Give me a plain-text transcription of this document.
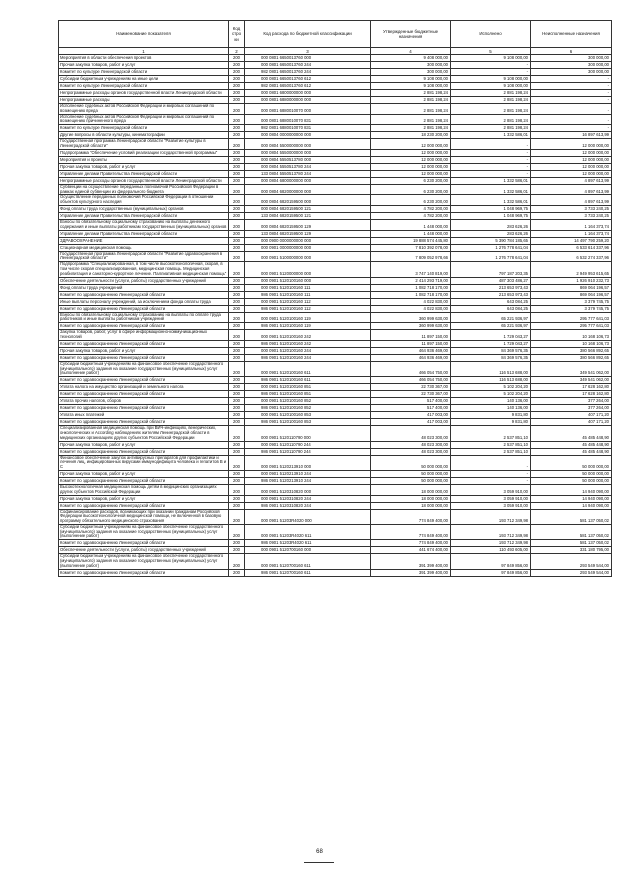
Наименование показателя	Код стро ки	Код расхода по бюджетной классификации	Утвержденные бюджетные назначения	Исполнено	Неисполненные назначения
1	2	3	4	5	6
Мероприятия в области обеспечения проектов	200	000 0801 6650013760 000	9 408 000,00	9 108 000,00	300 000,00
Прочая закупка товаров, работ и услуг	200	000 0801 6650013760 244	300 000,00	-	300 000,00
Комитет по культуре Ленинградской области	200	982 0801 6650013760 244	300 000,00	-	300 000,00
Субсидии бюджетным учреждениям на иные цели	200	000 0801 6650013760 612	9 108 000,00	9 108 000,00	-
Комитет по культуре Ленинградской области	200	982 0801 6650013760 612	9 108 000,00	9 108 000,00	-
Непрограммные расходы органов государственной власти Ленинградской области	200	000 0801 6800000000 000	2 881 198,24	2 881 198,24	-
Непрограммные расходы	200	000 0801 6880000000 000	2 881 198,24	2 881 198,24	-
Исполнение судебных актов Российской Федерации и мировых соглашений по возмещению вреда	200	000 0801 6880010070 000	2 881 198,24	2 881 198,24	-
Исполнение судебных актов Российской Федерации и мировых соглашений по возмещению причиненного вреда	200	000 0801 6880010070 831	2 881 198,24	2 881 198,24	-
Комитет по культуре Ленинградской области	200	982 0801 6880010070 831	2 881 198,24	2 881 198,24	-
Другие вопросы в области культуры, кинематографии	200	000 0804 0000000000 000	18 230 200,00	1 332 586,01	16 897 613,99
Государственная программа Ленинградской области "Развитие культуры в Ленинградской области"	200	000 0804 5500000000 000	12 000 000,00	-	12 000 000,00
Подпрограмма "Обеспечение условий реализации государственной программы"	200	000 0804 5550000000 000	12 000 000,00	-	12 000 000,00
Мероприятия и проекты	200	000 0804 5550513780 000	12 000 000,00	-	12 000 000,00
Прочая закупка товаров, работ и услуг	200	000 0804 5550513780 244	12 000 000,00	-	12 000 000,00
Управление делами Правительства Ленинградской области	200	133 0804 5550513780 244	12 000 000,00	-	12 000 000,00
Непрограммные расходы органов государственной власти Ленинградской области	200	000 0804 6800000000 000	6 230 200,00	1 332 586,01	4 897 613,99
Субвенции на осуществление переданных полномочий Российской Федерации в рамках единой субвенции из федерального бюджета	200	000 0804 6820000000 000	6 230 200,00	1 332 586,01	4 897 613,99
Осуществление переданных полномочий Российской Федерации в отношении объектов культурного наследия	200	000 0804 6820159500 000	6 230 200,00	1 332 586,01	4 897 613,99
Фонд оплаты труда государственных (муниципальных) органов	200	000 0804 6820159500 121	4 782 200,00	1 048 969,75	3 733 240,25
Управление делами Правительства Ленинградской области	200	133 0804 6820159500 121	4 782 200,00	1 048 969,75	3 733 240,25
Взносы по обязательному социальному страхованию на выплаты денежного содержания и иные выплаты работникам государственных (муниципальных) органов	200	000 0804 6820159500 129	1 448 000,00	283 626,26	1 164 373,74
Управление делами Правительства Ленинградской области	200	133 0804 6820159500 129	1 448 000,00	283 626,26	1 164 373,74
ЗДРАВООХРАНЕНИЕ	200	000 0900 0000000000 000	19 888 574 445,80	5 390 784 185,65	14 497 790 259,20
Стационарная медицинская помощь	200	000 0901 0000000000 000	7 810 392 078,00	1 276 778 641,04	6 533 614 337,96
Государственная программа Ленинградской области "Развитие здравоохранения в Ленинградской области"	200	000 0901 5100000000 000	7 809 052 978,66	1 276 778 641,04	6 532 274 337,96
Подпрограмма "Специализированная, в том числе высокотехнологичная, скорая, в том числе скорая специализированная, медицинская помощь. Медицинская реабилитация и санаторно-курортное лечение. Паллиативная медицинская помощь"	200	000 0901 5120000000 000	3 747 140 819,00	797 187 203,35	2 949 953 615,65
Обеспечение деятельности (услуги, работы) государственных учреждений	200	000 0901 5120100160 000	2 414 293 719,00	487 303 486,27	1 926 910 232,73
Фонд оплаты труда учреждений	200	000 0901 5120100160 111	1 082 718 170,00	213 653 973,43	869 064 196,57
Комитет по здравоохранению Ленинградской области	200	986 0901 5120100160 111	1 082 718 170,00	213 653 973,43	869 064 196,57
Иные выплаты персоналу учреждений, за исключением фонда оплаты труда	200	000 0901 5120100160 112	4 022 830,00	643 084,25	3 379 745,75
Комитет по здравоохранению Ленинградской области	200	986 0901 5120100160 112	4 022 830,00	643 084,25	3 379 745,75
Взносы по обязательному социальному страхованию на выплаты по оплате труда работников и иные выплаты работникам учреждений	200	000 0901 5120100160 119	360 999 630,00	65 221 936,97	295 777 641,03
Комитет по здравоохранению Ленинградской области	200	986 0901 5120100160 119	360 999 630,00	65 221 936,97	295 777 641,03
Закупка товаров, работ, услуг в сфере информационно-коммуникационных технологий	200	000 0901 5120100160 242	11 897 150,00	1 729 043,27	10 168 106,73
Комитет по здравоохранению Ленинградской области	200	986 0901 5120100160 242	11 897 150,00	1 729 043,27	10 168 106,73
Прочая закупка товаров, работ и услуг	200	000 0901 5120100160 244	464 936 469,00	84 369 576,35	380 566 892,65
Комитет по здравоохранению Ленинградской области	200	986 0901 5120100160 244	464 936 469,00	84 369 576,35	380 566 892,65
Субсидии бюджетным учреждениям на финансовое обеспечение государственного (муниципального) задания на оказание государственных (муниципальных) услуг (выполнение работ)	200	000 0901 5120100160 611	466 054 750,00	116 513 688,00	349 541 062,00
Комитет по здравоохранению Ленинградской области	200	986 0901 5120100160 611	466 054 750,00	116 513 688,00	349 541 062,00
Уплата налога на имущество организаций и земельного налога	200	000 0901 5120100160 851	22 730 367,00	5 102 204,20	17 628 162,80
Комитет по здравоохранению Ленинградской области	200	986 0901 5120100160 851	22 730 367,00	5 102 204,20	17 628 162,80
Уплата прочих налогов, сборов	200	000 0901 5120100160 852	517 400,00	140 136,00	377 264,00
Комитет по здравоохранению Ленинградской области	200	986 0901 5120100160 852	517 400,00	140 136,00	377 264,00
Уплата иных платежей	200	000 0901 5120100160 853	417 003,00	9 831,80	407 171,20
Комитет по здравоохранению Ленинградской области	200	986 0901 5120100160 853	417 003,00	9 831,80	407 171,20
Специализированная медицинская помощь при ВИЧ-инфекциях, венерических, онкологических и According наблюдениях жителям Ленинградской области в медицинских организациях других субъектов Российской Федерации	200	000 0901 5120110790 000	48 023 300,00	2 537 851,10	45 485 448,90
Прочая закупка товаров, работ и услуг	200	000 0901 5120110790 244	48 023 300,00	2 537 851,10	45 485 448,90
Комитет по здравоохранению Ленинградской области	200	986 0901 5120110790 244	48 023 300,00	2 537 851,10	45 485 448,90
Финансовое обеспечение закупок антивирусных препаратов для профилактики и лечения лиц, инфицированных вирусами иммунодефицита человека и гепатитов В и С	200	000 0901 5120213910 000	50 000 000,00	-	50 000 000,00
Прочая закупка товаров, работ и услуг	200	000 0901 5120213910 244	50 000 000,00	-	50 000 000,00
Комитет по здравоохранению Ленинградской области	200	986 0901 5120213910 244	50 000 000,00	-	50 000 000,00
Высокотехнологичная медицинская помощь детям в медицинских организациях других субъектов Российской Федерации	200	000 0901 5120310820 000	18 000 000,00	3 059 910,00	14 940 090,00
Прочая закупка товаров, работ и услуг	200	000 0901 5120310820 244	18 000 000,00	3 059 910,00	14 940 090,00
Комитет по здравоохранению Ленинградской области	200	986 0901 5120310820 244	18 000 000,00	3 059 910,00	14 940 090,00
Софинансирование расходов, возникающих при оказании гражданам Российской Федерации высокотехнологичной медицинской помощи, не включенной в базовую программу обязательного медицинского страхования	200	000 0901 51203R4020 000	774 849 400,00	193 712 349,98	581 137 050,02
Субсидии бюджетным учреждениям на финансовое обеспечение государственного (муниципального) задания на оказание государственных (муниципальных) услуг (выполнение работ)	200	000 0901 51203R4020 611	774 849 400,00	193 712 349,98	581 137 050,02
Комитет по здравоохранению Ленинградской области	200	986 0901 51203R4020 611	774 849 400,00	193 712 349,98	581 137 050,02
Обеспечение деятельности (услуги, работы) государственных учреждений	200	000 0901 5120700160 000	441 674 400,00	110 493 605,00	331 180 795,00
Субсидии бюджетным учреждениям на финансовое обеспечение государственного (муниципального) задания на оказание государственных (муниципальных) услуг (выполнение работ)	200	000 0901 5120700160 611	391 399 400,00	97 849 856,00	293 549 544,00
Комитет по здравоохранению Ленинградской области	200	986 0901 5120700160 611	391 399 400,00	97 849 856,00	293 549 544,00
68
